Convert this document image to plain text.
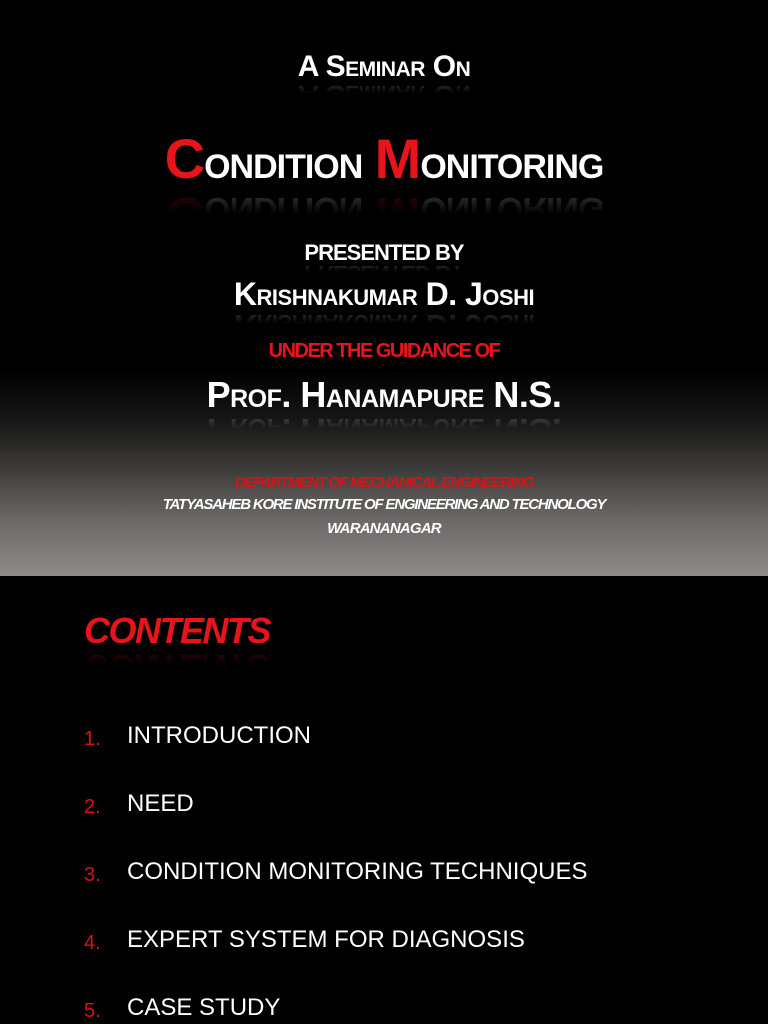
A Seminar On
Condition Monitoring
PRESENTED BY
Krishnakumar D. Joshi
UNDER THE GUIDANCE OF
Prof. Hanamapure N.S.
DEPARTMENT OF MECHANICAL ENGINEERING
TATYASAHEB KORE INSTITUTE OF ENGINEERING AND TECHNOLOGY
WARANANAGAR
CONTENTS
1. INTRODUCTION
2. NEED
3. CONDITION MONITORING TECHNIQUES
4. EXPERT SYSTEM FOR DIAGNOSIS
5. CASE STUDY
